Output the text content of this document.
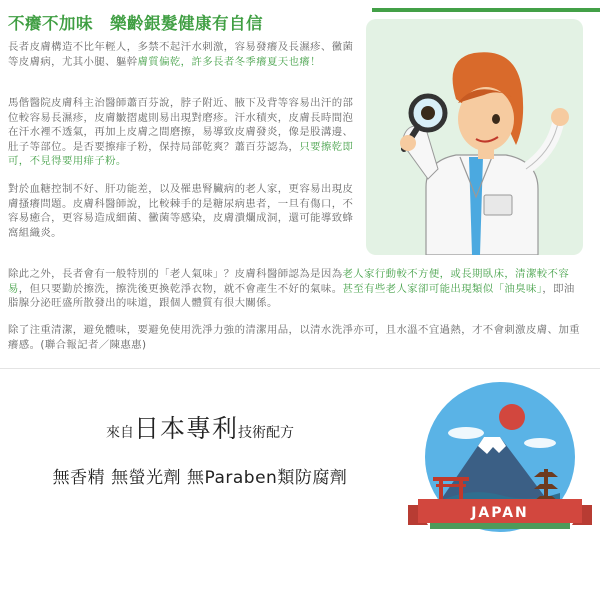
不癢不加味　樂齡銀髮健康有自信
長者皮膚構造不比年輕人，多禁不起汗水刺激，容易發癢及長濕疹、黴菌等皮膚病，尤其小腿、軀幹膚質偏乾，許多長者冬季癢夏天也癢！
馬偕醫院皮膚科主治醫師蕭百芬說，脖子附近、腋下及背等容易出汗的部位較容易長濕疹，皮膚皺摺處則易出現對磨疹。汗水積夾，皮膚長時間泡在汗水裡不透氣，再加上皮膚之間磨擦，易導致皮膚發炎，像是股溝邊、肚子等部位。是否要擦痱子粉，保持局部乾爽？蕭百芬認為，只要擦乾即可，不見得要用痱子粉。
對於血糖控制不好、肝功能差，以及罹患腎臟病的老人家，更容易出現皮膚搔癢問題。皮膚科醫師說，比較棘手的是糖尿病患者，一旦有傷口，不容易癒合，更容易造成細菌、黴菌等感染，皮膚潰爛成洞，還可能導致蜂窩組織炎。
除此之外，長者會有一般特別的「老人氣味」？皮膚科醫師認為是因為老人家行動較不方便，或長期臥床，清潔較不容易，但只要勤於擦洗，擦洗後更換乾淨衣物，就不會產生不好的氣味。甚至有些老人家卻可能出現類似「油臭味」，即油脂腺分泌旺盛所散發出的味道，跟個人體質有很大關係。
除了注重清潔，避免體味，要避免使用洗淨力強的清潔用品，以清水洗淨亦可，且水溫不宜過熱，才不會刺激皮膚、加重癢感。(聯合報記者／陳惠惠)
來自日本專利技術配方
無香精 無螢光劑 無Paraben類防腐劑
JAPAN
